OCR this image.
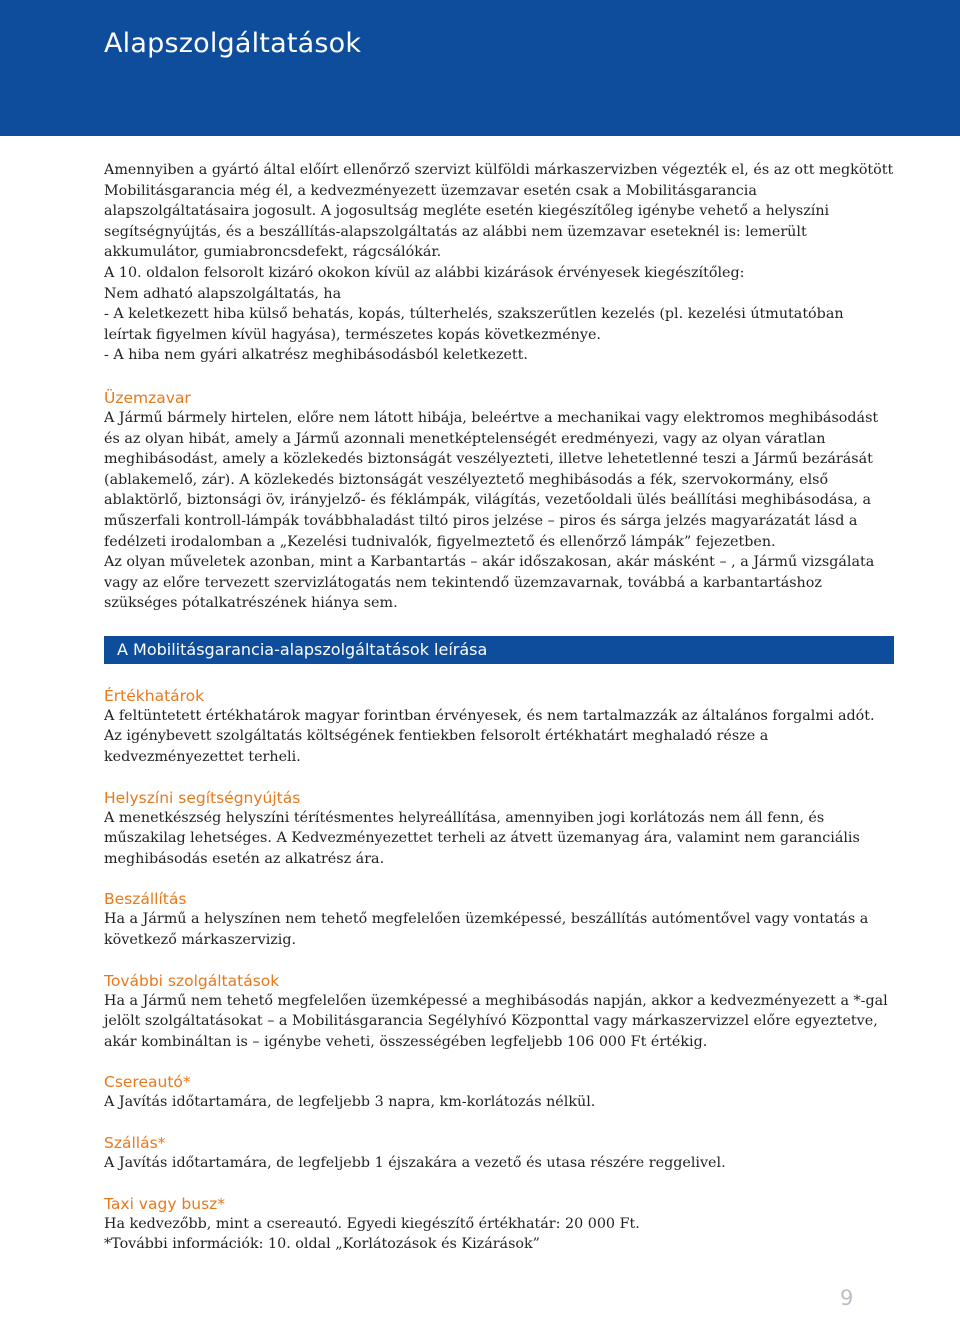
Alapszolgáltatások

Amennyiben a gyártó által előírt ellenőrző szervizt külföldi márkaszervizben végezték el, és az ott megkötött Mobilitásgarancia még él, a kedvezményezett üzemzavar esetén csak a Mobilitásgarancia alapszolgáltatásaira jogosult. A jogosultság megléte esetén kiegészítőleg igénybe vehető a helyszíni segítségnyújtás, és a beszállítás-alapszolgáltatás az alábbi nem üzemzavar eseteknél is: lemerült akkumulátor, gumiabroncsdefekt, rágcsálókár.

A 10. oldalon felsorolt kizáró okokon kívül az alábbi kizárások érvényesek kiegészítőleg:

Nem adható alapszolgáltatás, ha

- A keletkezett hiba külső behatás, kopás, túlterhelés, szakszerűtlen kezelés (pl. kezelési útmutatóban leírtak figyelmen kívül hagyása), természetes kopás következménye.

- A hiba nem gyári alkatrész meghibásodásból keletkezett.

Üzemzavar

A Jármű bármely hirtelen, előre nem látott hibája, beleértve a mechanikai vagy elektromos meghibásodást és az olyan hibát, amely a Jármű azonnali menetképtelenségét eredményezi, vagy az olyan váratlan meghibásodást, amely a közlekedés biztonságát veszélyezteti, illetve lehetetlenné teszi a Jármű bezárását (ablakemelő, zár). A közlekedés biztonságát veszélyeztető meghibásodás a fék, szervokormány, első ablaktörlő, biztonsági öv, irányjelző- és féklámpák, világítás, vezetőoldali ülés beállítási meghibásodása, a műszerfali kontroll-lámpák továbbhaladást tiltó piros jelzése – piros és sárga jelzés magyarázatát lásd a fedélzeti irodalomban a „Kezelési tudnivalók, figyelmeztető és ellenőrző lámpák” fejezetben.

Az olyan műveletek azonban, mint a Karbantartás – akár időszakosan, akár másként – , a Jármű vizsgálata vagy az előre tervezett szervizlátogatás nem tekintendő üzemzavarnak, továbbá a karbantartáshoz szükséges pótalkatrészének hiánya sem.

A Mobilitásgarancia-alapszolgáltatások leírása
Értékhatárok

A feltüntetett értékhatárok magyar forintban érvényesek, és nem tartalmazzák az általános forgalmi adót.

Az igénybevett szolgáltatás költségének fentiekben felsorolt értékhatárt meghaladó része a kedvezményezettet terheli.

Helyszíni segítségnyújtás

A menetkészség helyszíni térítésmentes helyreállítása, amennyiben jogi korlátozás nem áll fenn, és műszakilag lehetséges. A Kedvezményezettet terheli az átvett üzemanyag ára, valamint nem garanciális meghibásodás esetén az alkatrész ára.

Beszállítás

Ha a Jármű a helyszínen nem tehető megfelelően üzemképessé, beszállítás autómentővel vagy vontatás a következő márkaszervizig.

További szolgáltatások

Ha a Jármű nem tehető megfelelően üzemképessé a meghibásodás napján, akkor a kedvezményezett a *-gal jelölt szolgáltatásokat – a Mobilitásgarancia Segélyhívó Központtal vagy márkaszervizzel előre egyeztetve, akár kombináltan is – igénybe veheti, összességében legfeljebb 106 000 Ft értékig.

Csereautó*

A Javítás időtartamára, de legfeljebb 3 napra, km-korlátozás nélkül.

Szállás*

A Javítás időtartamára, de legfeljebb 1 éjszakára a vezető és utasa részére reggelivel.

Taxi vagy busz*

Ha kedvezőbb, mint a csereautó. Egyedi kiegészítő értékhatár: 20 000 Ft.

*További információk: 10. oldal „Korlátozások és Kizárások”

9
